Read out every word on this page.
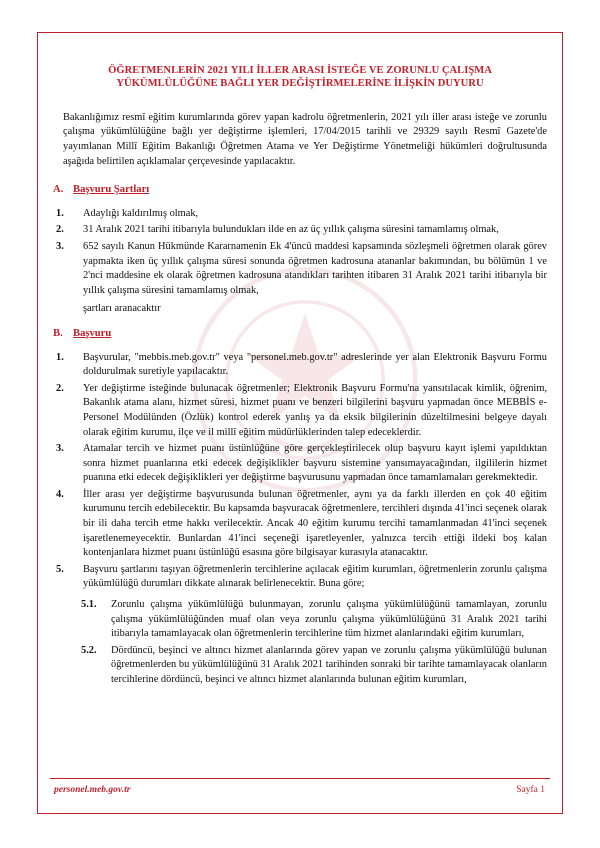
ÖĞRETMENLERİN 2021 YILI İLLER ARASI İSTEĞE VE ZORUNLU ÇALIŞMA
YÜKÜMLÜLÜĞÜNE BAĞLI YER DEĞİŞTİRMELERİNE İLİŞKİN DUYURU
Bakanlığımız resmî eğitim kurumlarında görev yapan kadrolu öğretmenlerin, 2021 yılı iller arası isteğe ve zorunlu çalışma yükümlülüğüne bağlı yer değiştirme işlemleri, 17/04/2015 tarihli ve 29329 sayılı Resmî Gazete'de yayımlanan Millî Eğitim Bakanlığı Öğretmen Atama ve Yer Değiştirme Yönetmeliği hükümleri doğrultusunda aşağıda belirtilen açıklamalar çerçevesinde yapılacaktır.
A. Başvuru Şartları
1. Adaylığı kaldırılmış olmak,
2. 31 Aralık 2021 tarihi itibarıyla bulundukları ilde en az üç yıllık çalışma süresini tamamlamış olmak,
3. 652 sayılı Kanun Hükmünde Kararnamenin Ek 4'üncü maddesi kapsamında sözleşmeli öğretmen olarak görev yapmakta iken üç yıllık çalışma süresi sonunda öğretmen kadrosuna atananlar bakımından, bu bölümün 1 ve 2'nci maddesine ek olarak öğretmen kadrosuna atandıkları tarihten itibaren 31 Aralık 2021 tarihi itibarıyla bir yıllık çalışma süresini tamamlamış olmak,
şartları aranacaktır
B. Başvuru
1. Başvurular, "mebbis.meb.gov.tr" veya "personel.meb.gov.tr" adreslerinde yer alan Elektronik Başvuru Formu doldurulmak suretiyle yapılacaktır.
2. Yer değiştirme isteğinde bulunacak öğretmenler; Elektronik Başvuru Formu'na yansıtılacak kimlik, öğrenim, Bakanlık atama alanı, hizmet süresi, hizmet puanı ve benzeri bilgilerini başvuru yapmadan önce MEBBİS e-Personel Modülünden (Özlük) kontrol ederek yanlış ya da eksik bilgilerinin düzeltilmesini belgeye dayalı olarak eğitim kurumu, ilçe ve il millî eğitim müdürlüklerinden talep edeceklerdir.
3. Atamalar tercih ve hizmet puanı üstünlüğüne göre gerçekleştirilecek olup başvuru kayıt işlemi yapıldıktan sonra hizmet puanlarına etki edecek değişiklikler başvuru sistemine yansımayacağından, ilgililerin hizmet puanına etki edecek değişiklikleri yer değiştirme başvurusunu yapmadan önce tamamlamaları gerekmektedir.
4. İller arası yer değiştirme başvurusunda bulunan öğretmenler, aynı ya da farklı illerden en çok 40 eğitim kurumunu tercih edebilecektir. Bu kapsamda başvuracak öğretmenlere, tercihleri dışında 41'inci seçenek olarak bir ili daha tercih etme hakkı verilecektir. Ancak 40 eğitim kurumu tercihi tamamlanmadan 41'inci seçenek işaretlenemeyecektir. Bunlardan 41'inci seçeneği işaretleyenler, yalnızca tercih ettiği ildeki boş kalan kontenjanlara hizmet puanı üstünlüğü esasına göre bilgisayar kurasıyla atanacaktır.
5. Başvuru şartlarını taşıyan öğretmenlerin tercihlerine açılacak eğitim kurumları, öğretmenlerin zorunlu çalışma yükümlülüğü durumları dikkate alınarak belirlenecektir. Buna göre;
5.1. Zorunlu çalışma yükümlülüğü bulunmayan, zorunlu çalışma yükümlülüğünü tamamlayan, zorunlu çalışma yükümlülüğünden muaf olan veya zorunlu çalışma yükümlülüğünü 31 Aralık 2021 tarihi itibarıyla tamamlayacak olan öğretmenlerin tercihlerine tüm hizmet alanlarındaki eğitim kurumları,
5.2. Dördüncü, beşinci ve altıncı hizmet alanlarında görev yapan ve zorunlu çalışma yükümlülüğü bulunan öğretmenlerden bu yükümlülüğünü 31 Aralık 2021 tarihinden sonraki bir tarihte tamamlayacak olanların tercihlerine dördüncü, beşinci ve altıncı hizmet alanlarında bulunan eğitim kurumları,
personel.meb.gov.tr	Sayfa 1
